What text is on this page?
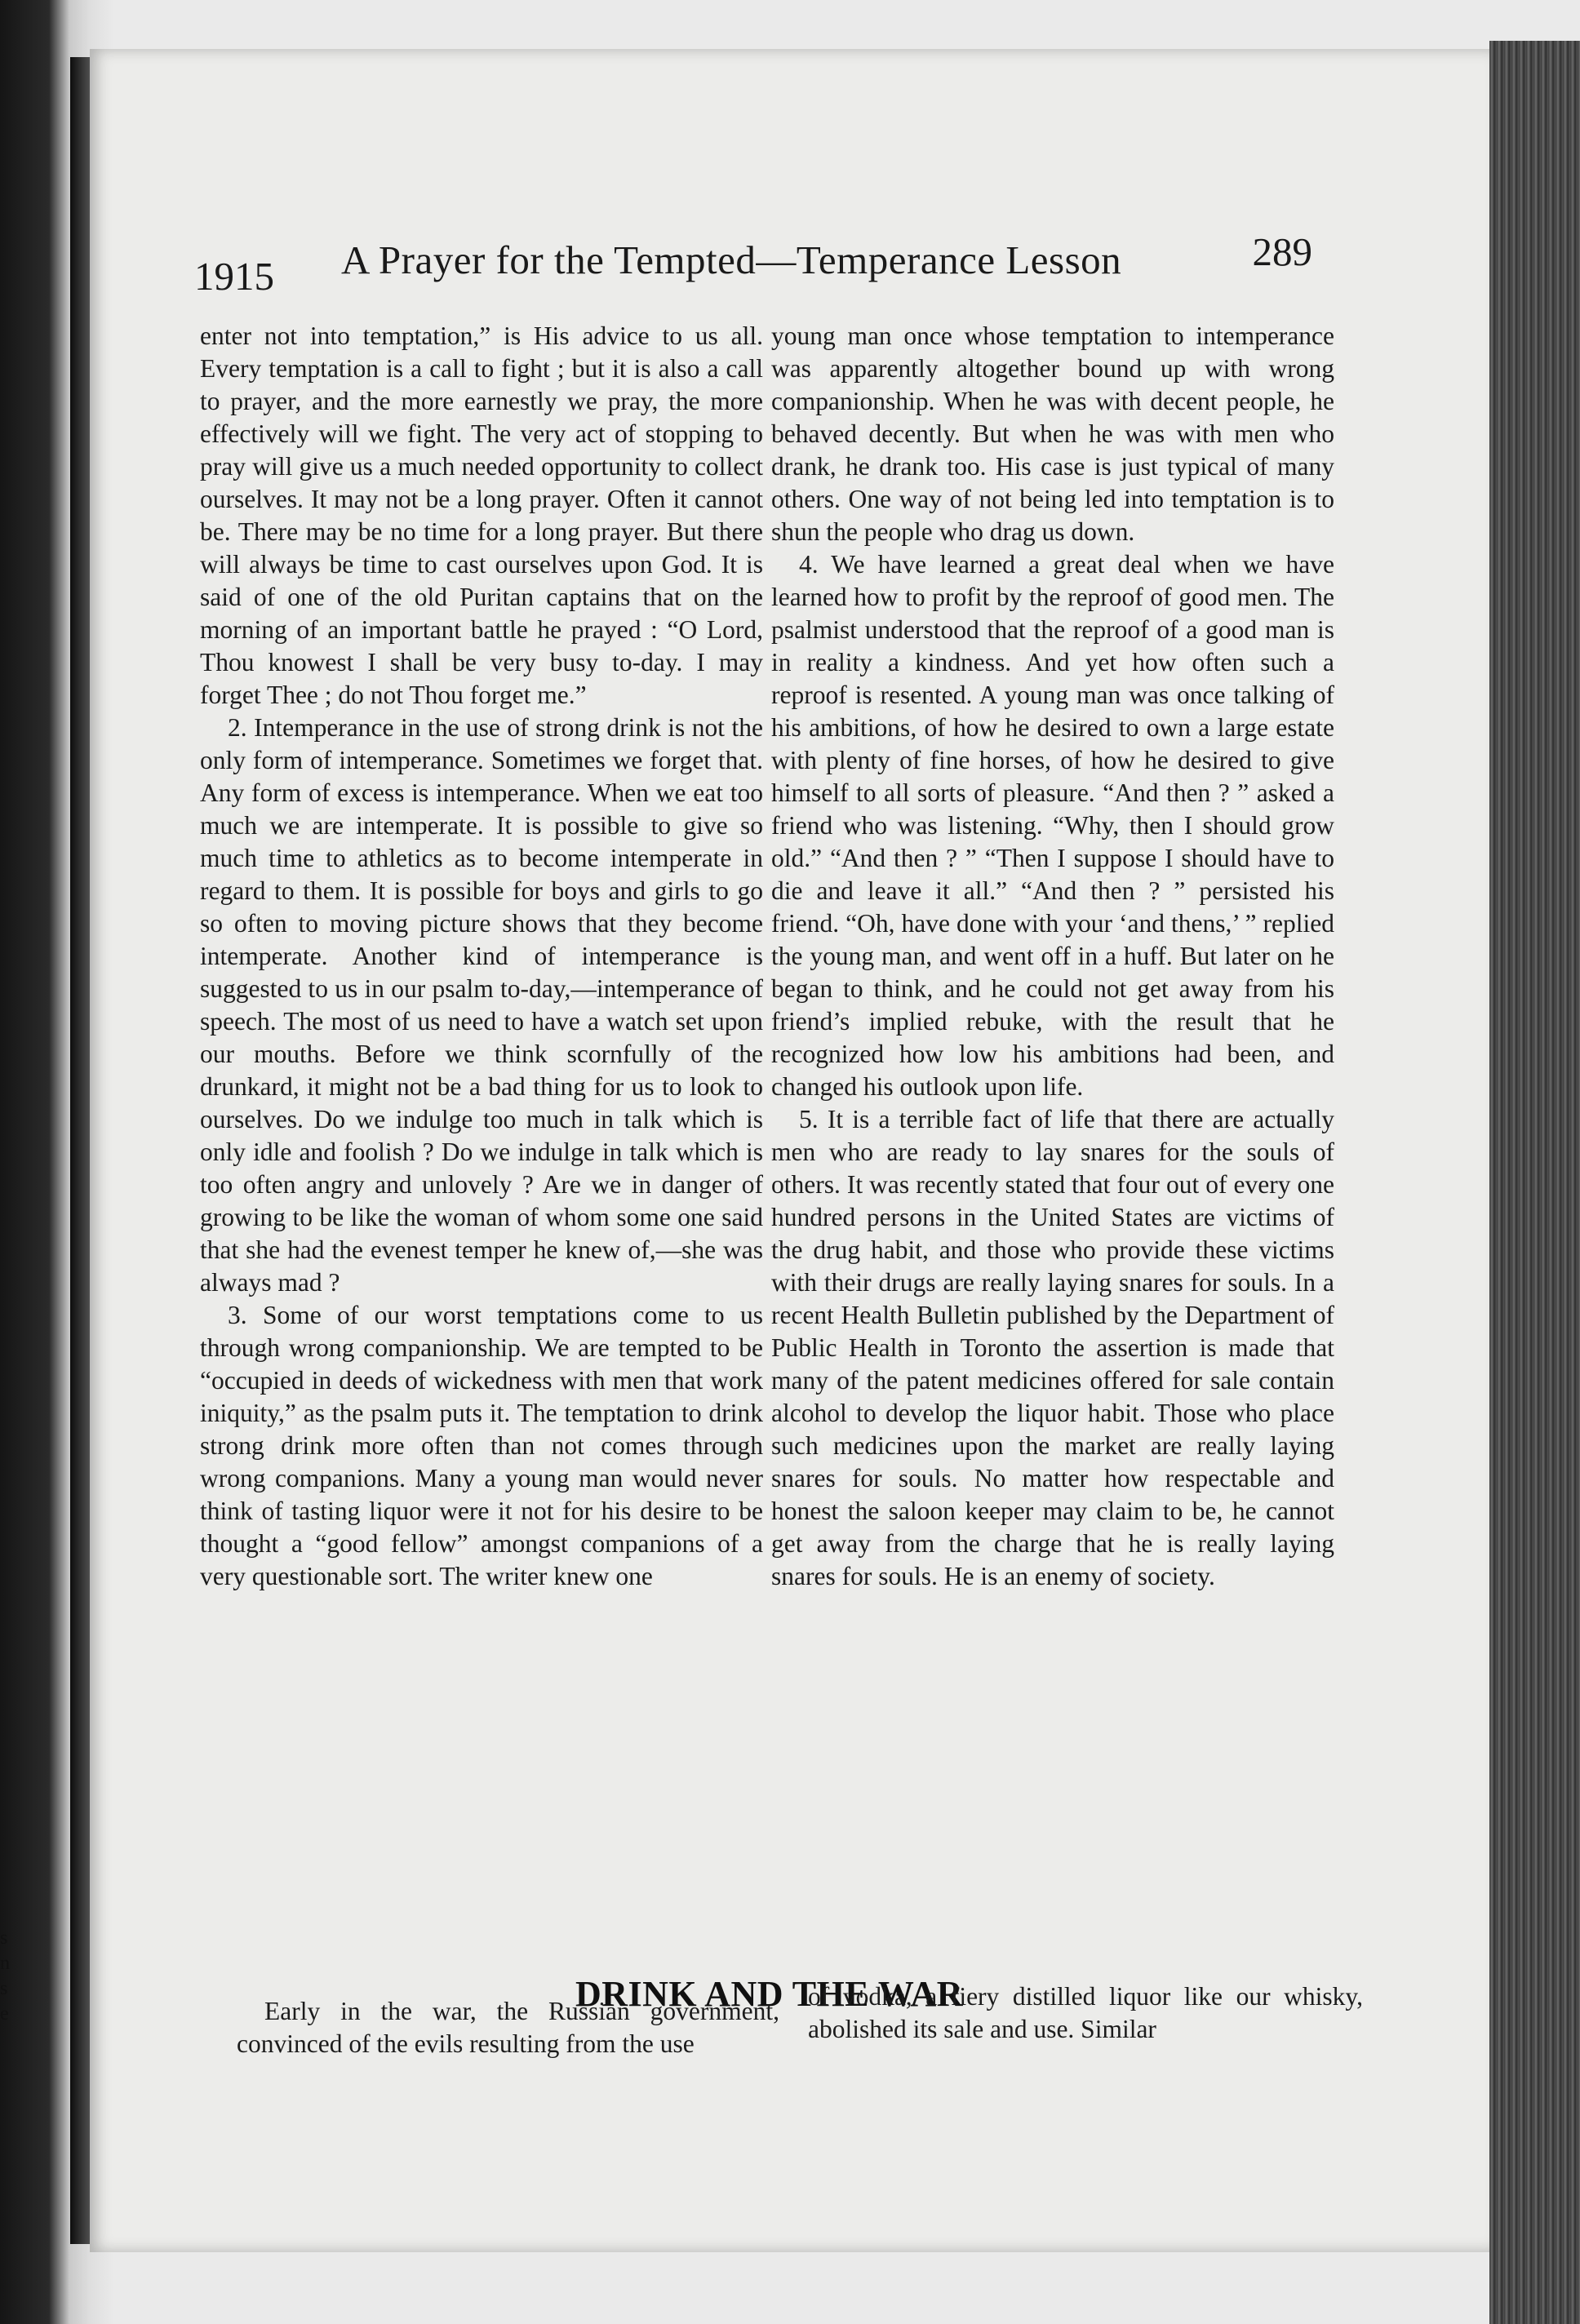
s
n
s
e
1915 A Prayer for the Tempted—Temperance Lesson	289

enter not into temptation,” is His advice to us all. Every temptation is a call to fight ; but it is also a call to prayer, and the more earnestly we pray, the more effectively will we fight. The very act of stopping to pray will give us a much needed opportunity to collect ourselves. It may not be a long prayer. Often it cannot be. There may be no time for a long prayer. But there will always be time to cast ourselves upon God. It is said of one of the old Puritan captains that on the morning of an important battle he prayed : “O Lord, Thou knowest I shall be very busy to-day. I may forget Thee ; do not Thou forget me.”

2. Intemperance in the use of strong drink is not the only form of intemperance. Sometimes we forget that. Any form of excess is intemperance. When we eat too much we are intemperate. It is possible to give so much time to athletics as to become intemperate in regard to them. It is possible for boys and girls to go so often to moving picture shows that they become intemperate. Another kind of intemperance is suggested to us in our psalm to-day,—intemperance of speech. The most of us need to have a watch set upon our mouths. Before we think scornfully of the drunkard, it might not be a bad thing for us to look to ourselves. Do we indulge too much in talk which is only idle and foolish ? Do we indulge in talk which is too often angry and unlovely ? Are we in danger of growing to be like the woman of whom some one said that she had the evenest temper he knew of,—she was always mad ?

3. Some of our worst temptations come to us through wrong companionship. We are tempted to be “occupied in deeds of wickedness with men that work iniquity,” as the psalm puts it. The temptation to drink strong drink more often than not comes through wrong companions. Many a young man would never think of tasting liquor were it not for his desire to be thought a “good fellow” amongst companions of a very questionable sort. The writer knew one

young man once whose temptation to intemperance was apparently altogether bound up with wrong companionship. When he was with decent people, he behaved decently. But when he was with men who drank, he drank too. His case is just typical of many others. One way of not being led into temptation is to shun the people who drag us down.

4. We have learned a great deal when we have learned how to profit by the reproof of good men. The psalmist understood that the reproof of a good man is in reality a kindness. And yet how often such a reproof is resented. A young man was once talking of his ambitions, of how he desired to own a large estate with plenty of fine horses, of how he desired to give himself to all sorts of pleasure. “And then ? ” asked a friend who was listening. “Why, then I should grow old.” “And then ? ” “Then I suppose I should have to die and leave it all.” “And then ? ” persisted his friend. “Oh, have done with your ‘and thens,’ ” replied the young man, and went off in a huff. But later on he began to think, and he could not get away from his friend’s implied rebuke, with the result that he recognized how low his ambitions had been, and changed his outlook upon life.

5. It is a terrible fact of life that there are actually men who are ready to lay snares for the souls of others. It was recently stated that four out of every one hundred persons in the United States are victims of the drug habit, and those who provide these victims with their drugs are really laying snares for souls. In a recent Health Bulletin published by the Department of Public Health in Toronto the assertion is made that many of the patent medicines offered for sale contain alcohol to develop the liquor habit. Those who place such medicines upon the market are really laying snares for souls. No matter how respectable and honest the saloon keeper may claim to be, he cannot get away from the charge that he is really laying snares for souls. He is an enemy of society.

DRINK AND THE WAR

Early in the war, the Russian government, convinced of the evils resulting from the use

of vodka, a fiery distilled liquor like our whisky, abolished its sale and use. Similar
